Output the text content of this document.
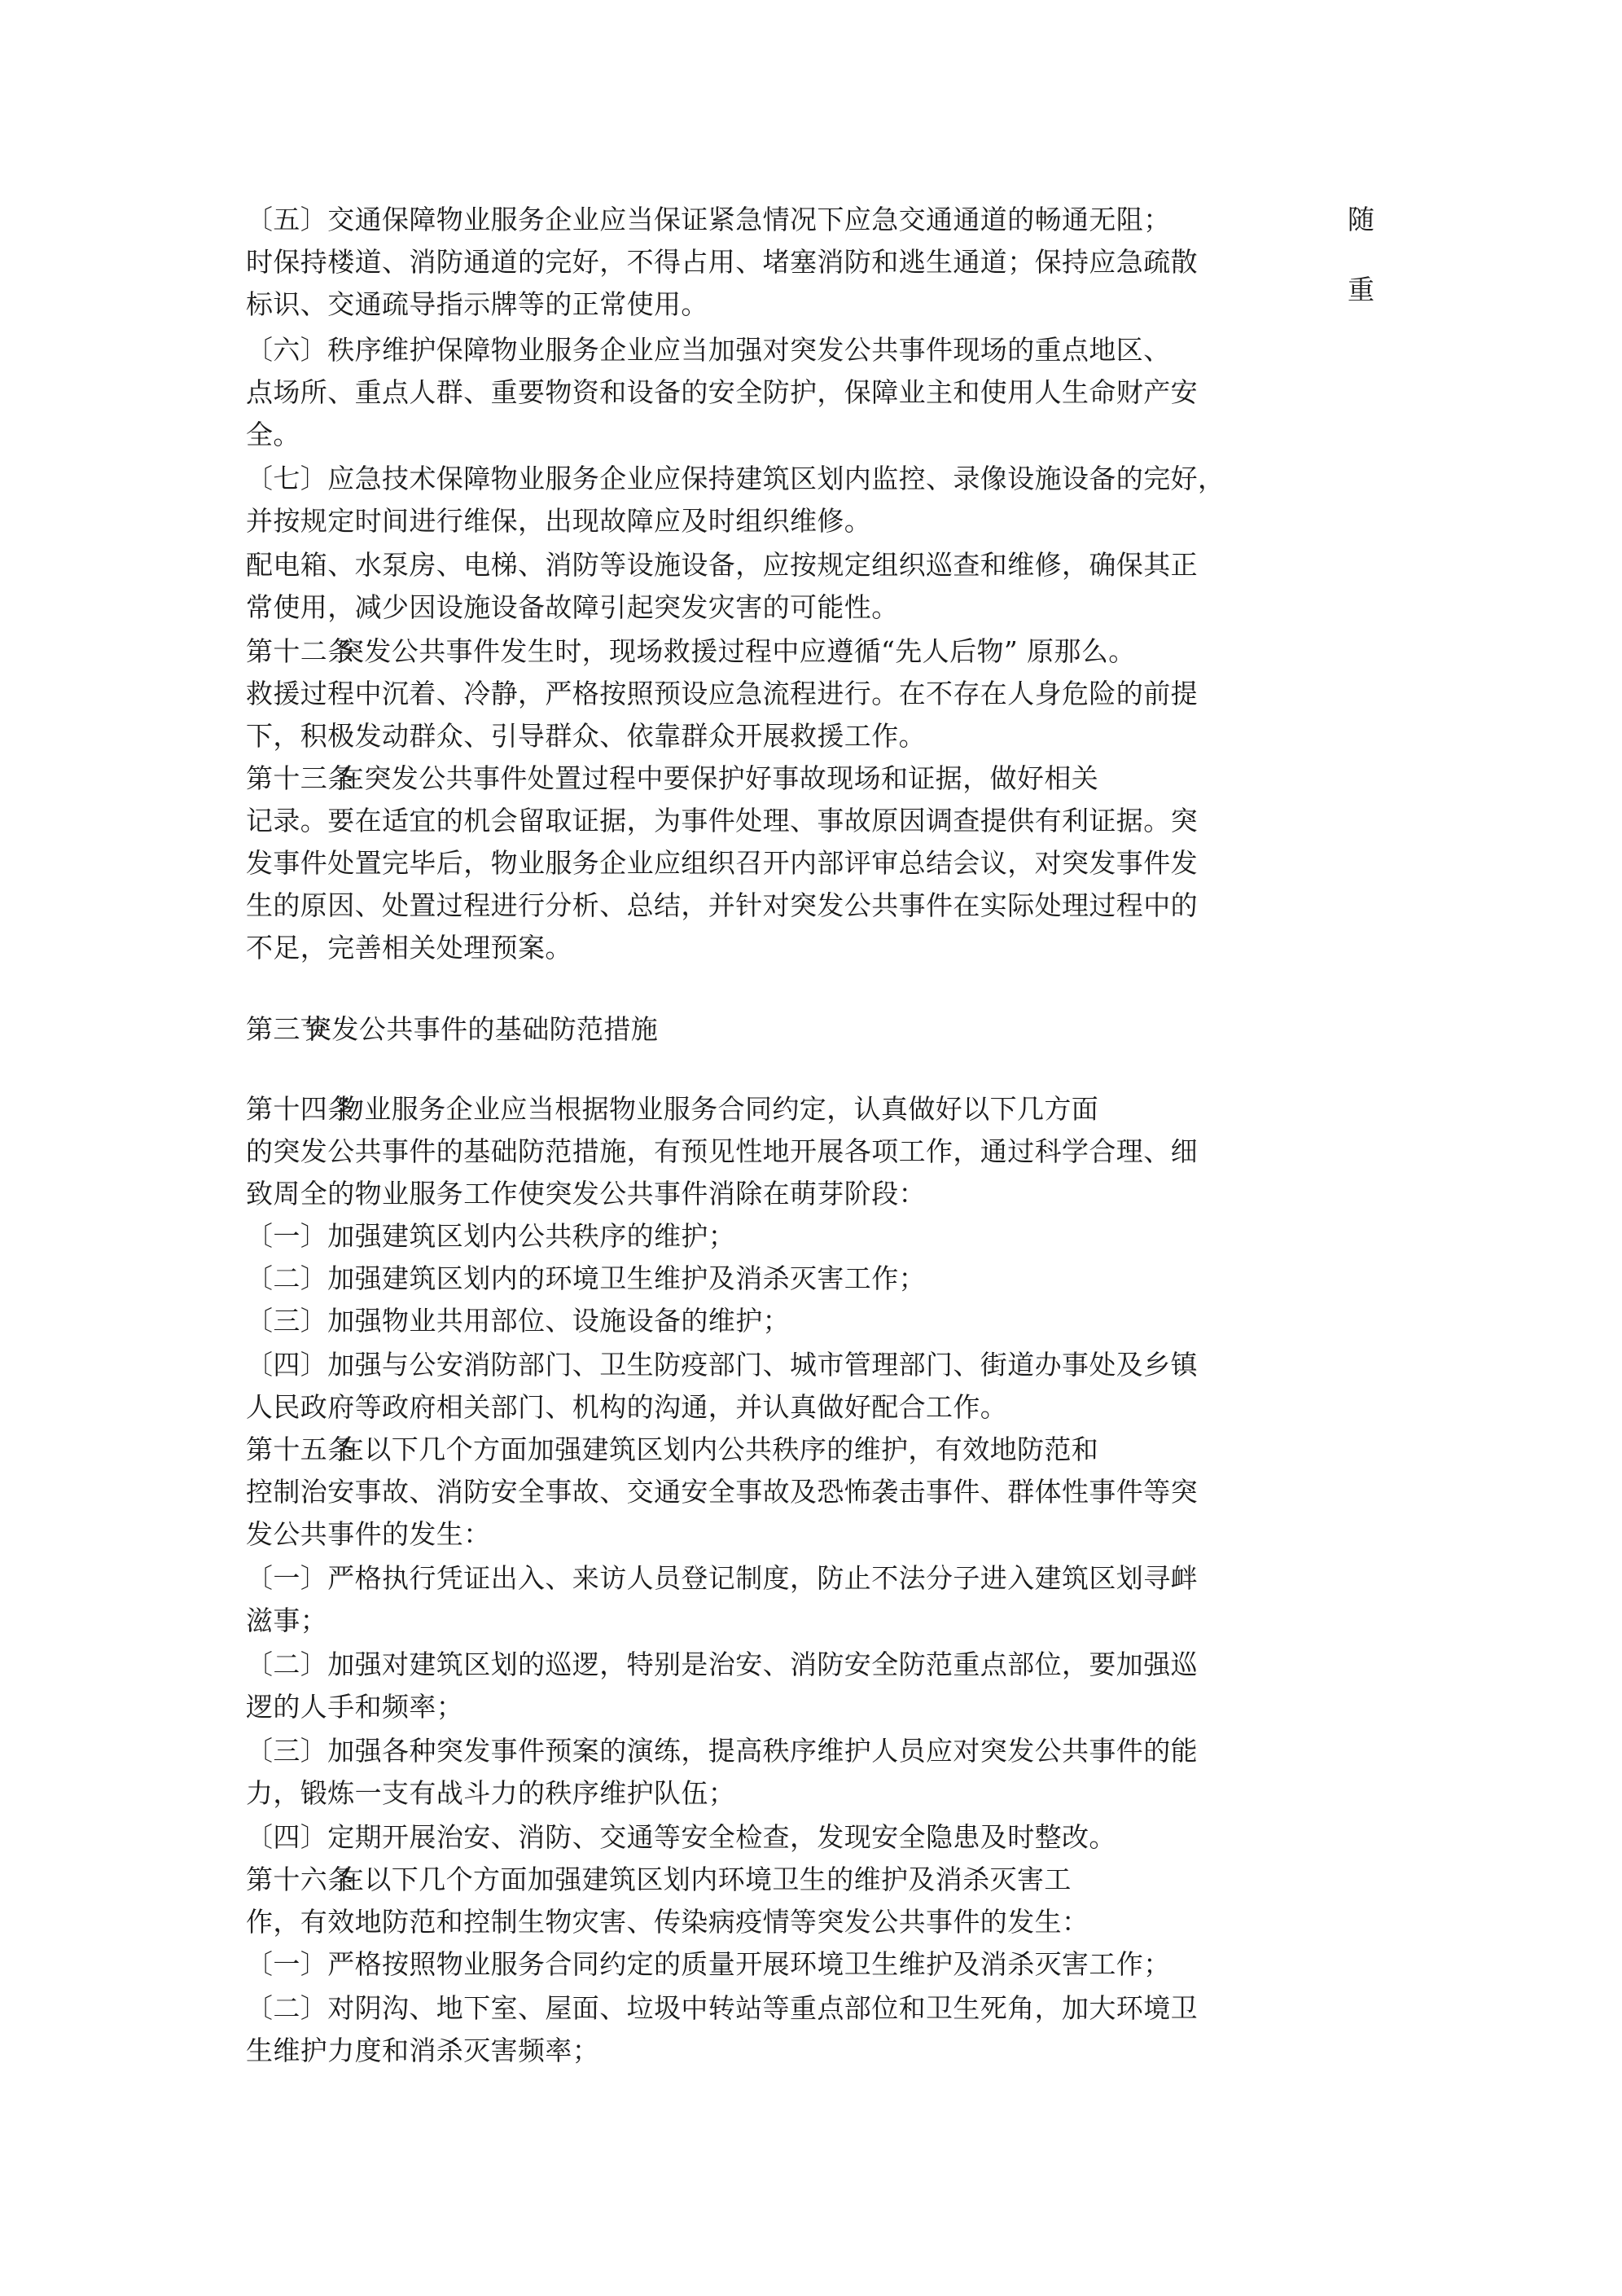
随
重
〔五〕交通保障物业服务企业应当保证紧急情况下应急交通通道的畅通无阻；
时保持楼道、消防通道的完好，不得占用、堵塞消防和逃生通道；保持应急疏散
标识、交通疏导指示牌等的正常使用。
〔六〕秩序维护保障物业服务企业应当加强对突发公共事件现场的重点地区、
点场所、重点人群、重要物资和设备的安全防护，保障业主和使用人生命财产安
全。
〔七〕应急技术保障物业服务企业应保持建筑区划内监控、录像设施设备的完好，
并按规定时间进行维保，出现故障应及时组织维修。
配电箱、水泵房、电梯、消防等设施设备，应按规定组织巡查和维修，确保其正
常使用，减少因设施设备故障引起突发灾害的可能性。
第十二条突发公共事件发生时，现场救援过程中应遵循“先人后物” 原那么。
救援过程中沉着、冷静，严格按照预设应急流程进行。在不存在人身危险的前提
下，积极发动群众、引导群众、依靠群众开展救援工作。
第十三条在突发公共事件处置过程中要保护好事故现场和证据，做好相关
记录。要在适宜的机会留取证据，为事件处理、事故原因调查提供有利证据。突
发事件处置完毕后，物业服务企业应组织召开内部评审总结会议，对突发事件发
生的原因、处置过程进行分析、总结，并针对突发公共事件在实际处理过程中的
不足，完善相关处理预案。
第三节突发公共事件的基础防范措施
第十四条物业服务企业应当根据物业服务合同约定，认真做好以下几方面
的突发公共事件的基础防范措施，有预见性地开展各项工作，通过科学合理、细
致周全的物业服务工作使突发公共事件消除在萌芽阶段：
〔一〕加强建筑区划内公共秩序的维护；
〔二〕加强建筑区划内的环境卫生维护及消杀灭害工作；
〔三〕加强物业共用部位、设施设备的维护；
〔四〕加强与公安消防部门、卫生防疫部门、城市管理部门、街道办事处及乡镇
人民政府等政府相关部门、机构的沟通，并认真做好配合工作。
第十五条在以下几个方面加强建筑区划内公共秩序的维护，有效地防范和
控制治安事故、消防安全事故、交通安全事故及恐怖袭击事件、群体性事件等突
发公共事件的发生：
〔一〕严格执行凭证出入、来访人员登记制度，防止不法分子进入建筑区划寻衅
滋事；
〔二〕加强对建筑区划的巡逻，特别是治安、消防安全防范重点部位，要加强巡
逻的人手和频率；
〔三〕加强各种突发事件预案的演练，提高秩序维护人员应对突发公共事件的能
力，锻炼一支有战斗力的秩序维护队伍；
〔四〕定期开展治安、消防、交通等安全检查，发现安全隐患及时整改。
第十六条在以下几个方面加强建筑区划内环境卫生的维护及消杀灭害工
作，有效地防范和控制生物灾害、传染病疫情等突发公共事件的发生：
〔一〕严格按照物业服务合同约定的质量开展环境卫生维护及消杀灭害工作；
〔二〕对阴沟、地下室、屋面、垃圾中转站等重点部位和卫生死角，加大环境卫
生维护力度和消杀灭害频率；
